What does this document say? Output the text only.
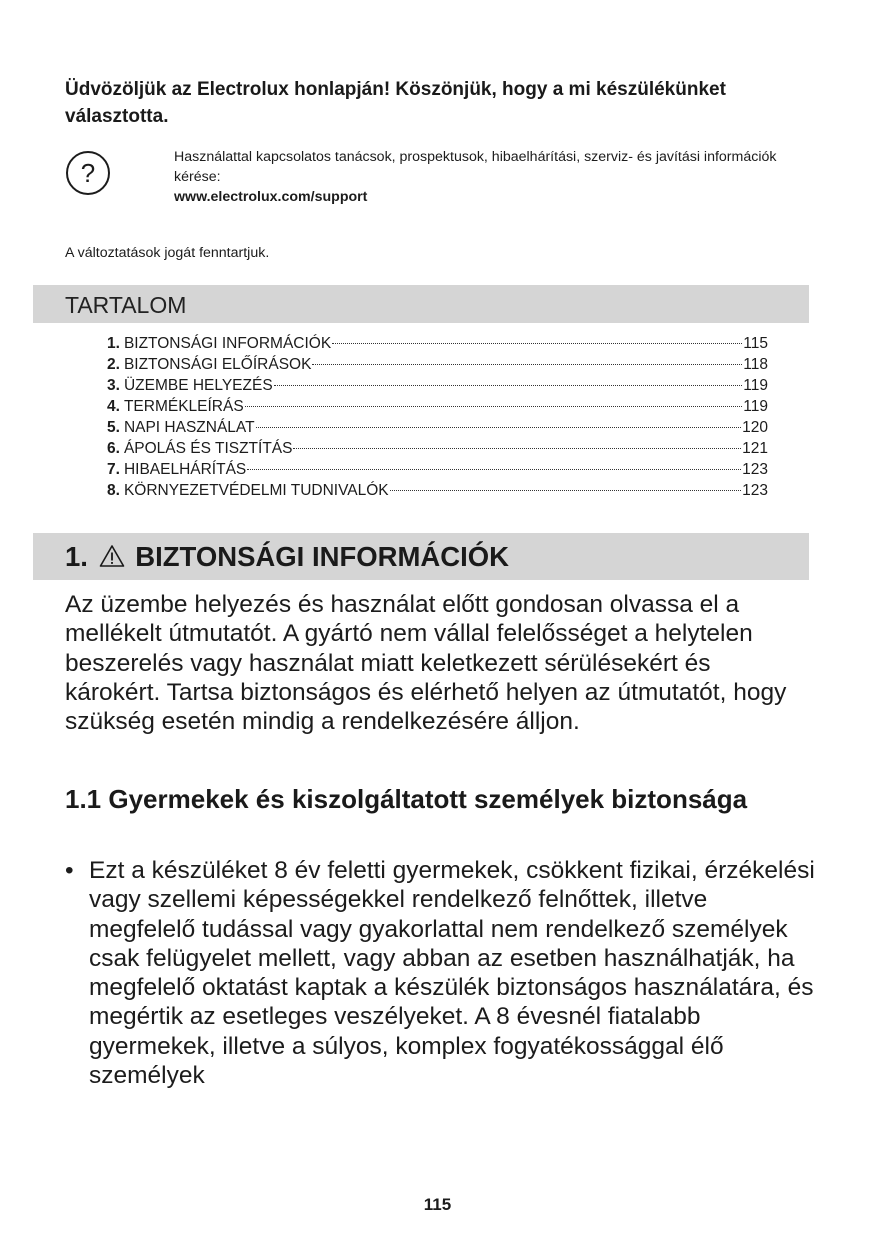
Üdvözöljük az Electrolux honlapján! Köszönjük, hogy a mi készülékünket választotta.
?
Használattal kapcsolatos tanácsok, prospektusok, hibaelhárítási, szerviz- és javítási információk kérése:
www.electrolux.com/support
A változtatások jogát fenntartjuk.
TARTALOM
1. BIZTONSÁGI INFORMÁCIÓK	115
2. BIZTONSÁGI ELŐÍRÁSOK	118
3. ÜZEMBE HELYEZÉS	119
4. TERMÉKLEÍRÁS	119
5. NAPI HASZNÁLAT	120
6. ÁPOLÁS ÉS TISZTÍTÁS	121
7. HIBAELHÁRÍTÁS	123
8. KÖRNYEZETVÉDELMI TUDNIVALÓK	123
1. BIZTONSÁGI INFORMÁCIÓK

Az üzembe helyezés és használat előtt gondosan olvassa el a mellékelt útmutatót. A gyártó nem vállal felelősséget a helytelen beszerelés vagy használat miatt keletkezett sérülésekért és károkért. Tartsa biztonságos és elérhető helyen az útmutatót, hogy szükség esetén mindig a rendelkezésére álljon.

1.1 Gyermekek és kiszolgáltatott személyek biztonsága
• Ezt a készüléket 8 év feletti gyermekek, csökkent fizikai, érzékelési vagy szellemi képességekkel rendelkező felnőttek, illetve megfelelő tudással vagy gyakorlattal nem rendelkező személyek csak felügyelet mellett, vagy abban az esetben használhatják, ha megfelelő oktatást kaptak a készülék biztonságos használatára, és megértik az esetleges veszélyeket. A 8 évesnél fiatalabb gyermekek, illetve a súlyos, komplex fogyatékossággal élő személyek

115
